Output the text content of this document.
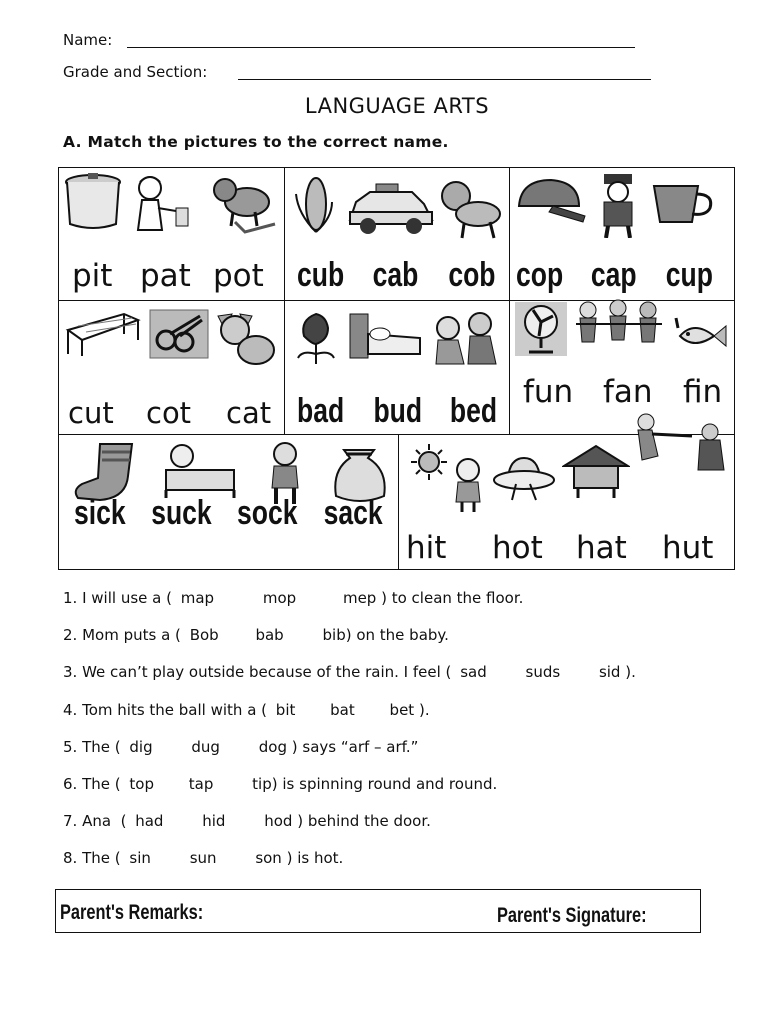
Name:
Grade and Section:
LANGUAGE ARTS
A. Match the pictures to the correct name.
pit pat pot cub cab cob cop cap cup
cut cot cat bad bud bed fun fan fin
sick suck sock sack
hit hot hat hut
1. I will use a ( map	mop	mep ) to clean the floor.
2. Mom puts a ( Bob bab	bib) on the baby.
3. We can’t play outside because of the rain. I feel ( sad	suds	sid ).
4. Tom hits the ball with a ( bit bat bet ).
5. The ( dig	dug	dog ) says “arf – arf.”
6. The ( top tap	tip) is spinning round and round.
7. Ana  ( had	hid	hod ) behind the door.
8. The ( sin	sun	son ) is hot.
Parent's Remarks:	Parent's Signature:
